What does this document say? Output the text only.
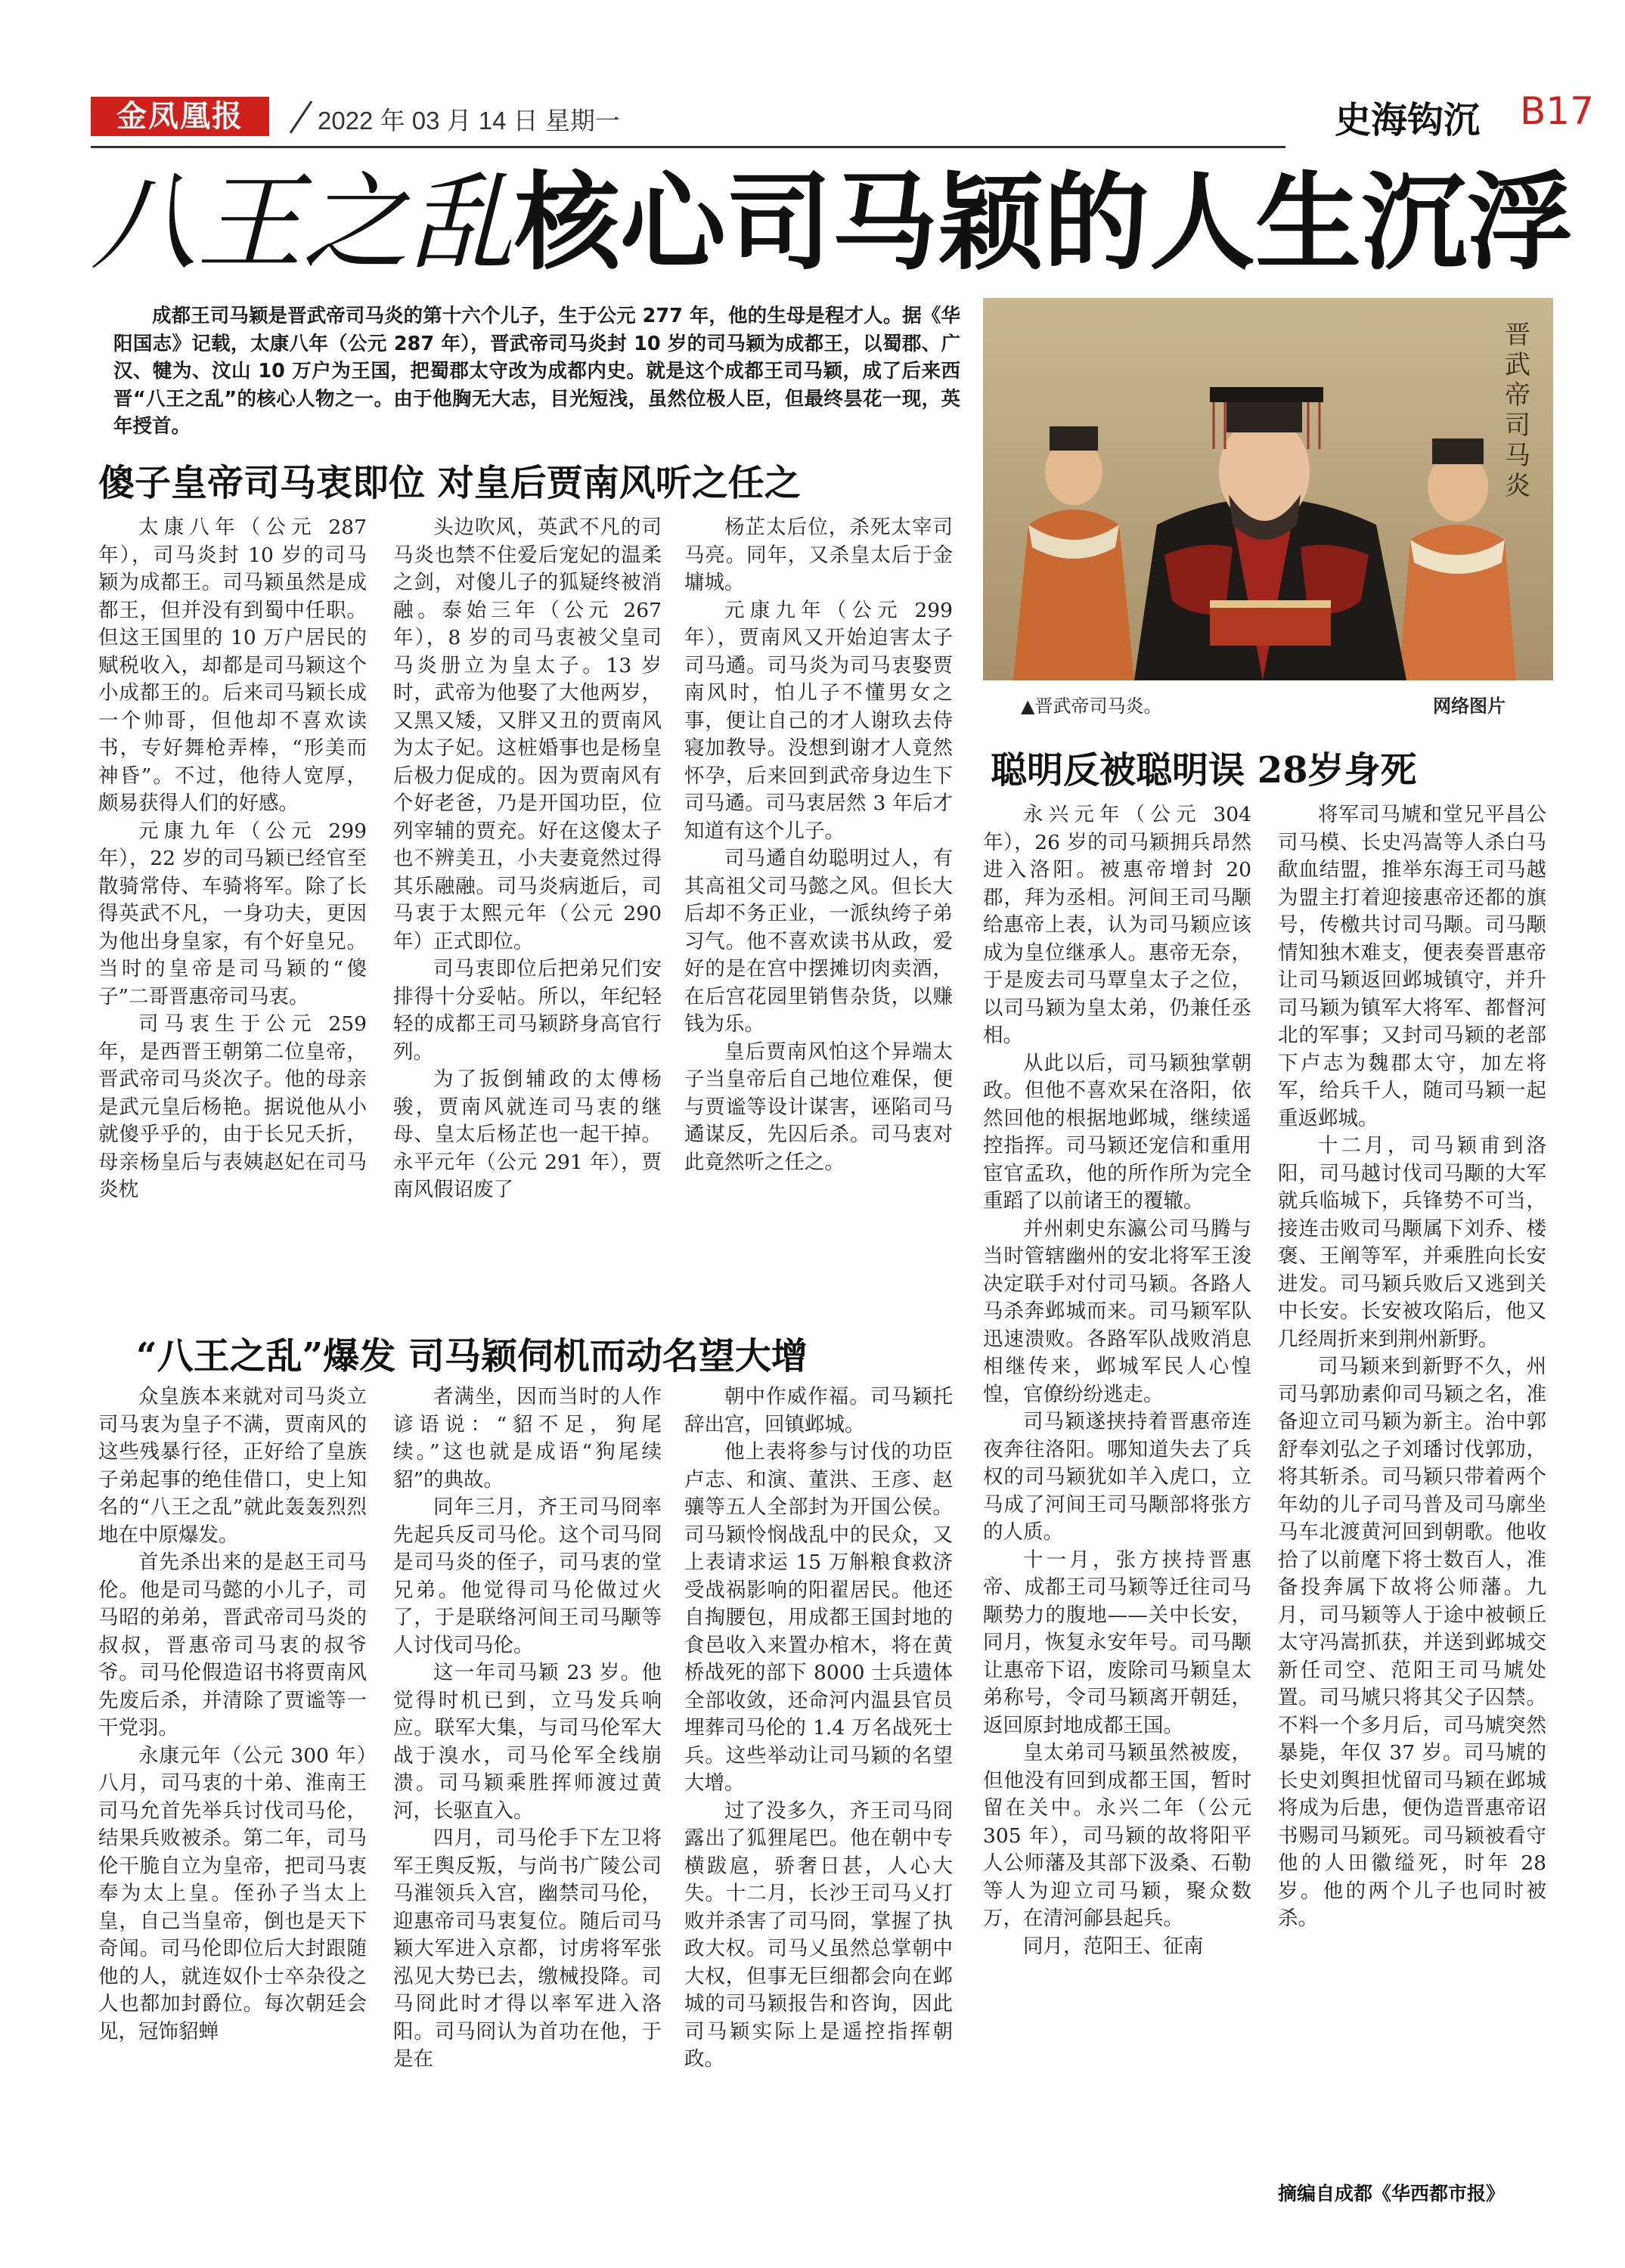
金凤凰报	2022 年 03 月 14 日 星期一	史海钩沉 B17
八王之乱核心司马颖的人生沉浮
成都王司马颖是晋武帝司马炎的第十六个儿子，生于公元 277 年，他的生母是程才人。据《华阳国志》记载，太康八年（公元 287 年），晋武帝司马炎封 10 岁的司马颖为成都王，以蜀郡、广汉、犍为、汶山 10 万户为王国，把蜀郡太守改为成都内史。就是这个成都王司马颖，成了后来西晋“八王之乱”的核心人物之一。由于他胸无大志，目光短浅，虽然位极人臣，但最终昙花一现，英年授首。
晋
武
帝
司
马
炎
▲晋武帝司马炎。	网络图片
傻子皇帝司马衷即位 对皇后贾南风听之任之
“八王之乱”爆发 司马颖伺机而动名望大增
聪明反被聪明误 28岁身死

太康八年（公元 287 年），司马炎封 10 岁的司马颖为成都王。司马颖虽然是成都王，但并没有到蜀中任职。但这王国里的 10 万户居民的赋税收入，却都是司马颖这个小成都王的。后来司马颖长成一个帅哥，但他却不喜欢读书，专好舞枪弄棒，“形美而神昏”。不过，他待人宽厚，颇易获得人们的好感。

元康九年（公元 299 年），22 岁的司马颖已经官至散骑常侍、车骑将军。除了长得英武不凡，一身功夫，更因为他出身皇家，有个好皇兄。当时的皇帝是司马颖的“傻子”二哥晋惠帝司马衷。

司马衷生于公元 259 年，是西晋王朝第二位皇帝，晋武帝司马炎次子。他的母亲是武元皇后杨艳。据说他从小就傻乎乎的，由于长兄夭折，母亲杨皇后与表姨赵妃在司马炎枕

头边吹风，英武不凡的司马炎也禁不住爱后宠妃的温柔之剑，对傻儿子的狐疑终被消融。泰始三年（公元 267 年），8 岁的司马衷被父皇司马炎册立为皇太子。13 岁时，武帝为他娶了大他两岁，又黑又矮，又胖又丑的贾南风为太子妃。这桩婚事也是杨皇后极力促成的。因为贾南风有个好老爸，乃是开国功臣，位列宰辅的贾充。好在这傻太子也不辨美丑，小夫妻竟然过得其乐融融。司马炎病逝后，司马衷于太熙元年（公元 290 年）正式即位。

司马衷即位后把弟兄们安排得十分妥帖。所以，年纪轻轻的成都王司马颖跻身高官行列。

为了扳倒辅政的太傅杨骏，贾南风就连司马衷的继母、皇太后杨芷也一起干掉。永平元年（公元 291 年），贾南风假诏废了

杨芷太后位，杀死太宰司马亮。同年，又杀皇太后于金墉城。

元康九年（公元 299 年），贾南风又开始迫害太子司马遹。司马炎为司马衷娶贾南风时，怕儿子不懂男女之事，便让自己的才人谢玖去侍寝加教导。没想到谢才人竟然怀孕，后来回到武帝身边生下司马遹。司马衷居然 3 年后才知道有这个儿子。

司马遹自幼聪明过人，有其高祖父司马懿之风。但长大后却不务正业，一派纨绔子弟习气。他不喜欢读书从政，爱好的是在宫中摆摊切肉卖酒，在后宫花园里销售杂货，以赚钱为乐。

皇后贾南风怕这个异端太子当皇帝后自己地位难保，便与贾谧等设计谋害，诬陷司马遹谋反，先囚后杀。司马衷对此竟然听之任之。

众皇族本来就对司马炎立司马衷为皇子不满，贾南风的这些残暴行径，正好给了皇族子弟起事的绝佳借口，史上知名的“八王之乱”就此轰轰烈烈地在中原爆发。

首先杀出来的是赵王司马伦。他是司马懿的小儿子，司马昭的弟弟，晋武帝司马炎的叔叔，晋惠帝司马衷的叔爷爷。司马伦假造诏书将贾南风先废后杀，并清除了贾谧等一干党羽。

永康元年（公元 300 年）八月，司马衷的十弟、淮南王司马允首先举兵讨伐司马伦，结果兵败被杀。第二年，司马伦干脆自立为皇帝，把司马衷奉为太上皇。侄孙子当太上皇，自己当皇帝，倒也是天下奇闻。司马伦即位后大封跟随他的人，就连奴仆士卒杂役之人也都加封爵位。每次朝廷会见，冠饰貂蝉

者满坐，因而当时的人作谚语说：“貂不足，狗尾续。”这也就是成语“狗尾续貂”的典故。

同年三月，齐王司马冏率先起兵反司马伦。这个司马冏是司马炎的侄子，司马衷的堂兄弟。他觉得司马伦做过火了，于是联络河间王司马颙等人讨伐司马伦。

这一年司马颖 23 岁。他觉得时机已到，立马发兵响应。联军大集，与司马伦军大战于溴水，司马伦军全线崩溃。司马颖乘胜挥师渡过黄河，长驱直入。

四月，司马伦手下左卫将军王舆反叛，与尚书广陵公司马漼领兵入宫，幽禁司马伦，迎惠帝司马衷复位。随后司马颖大军进入京都，讨虏将军张泓见大势已去，缴械投降。司马冏此时才得以率军进入洛阳。司马冏认为首功在他，于是在

朝中作威作福。司马颖托辞出宫，回镇邺城。

他上表将参与讨伐的功臣卢志、和演、董洪、王彦、赵骧等五人全部封为开国公侯。司马颖怜悯战乱中的民众，又上表请求运 15 万斛粮食救济受战祸影响的阳翟居民。他还自掏腰包，用成都王国封地的食邑收入来置办棺木，将在黄桥战死的部下 8000 士兵遗体全部收敛，还命河内温县官员埋葬司马伦的 1.4 万名战死士兵。这些举动让司马颖的名望大增。

过了没多久，齐王司马冏露出了狐狸尾巴。他在朝中专横跋扈，骄奢日甚，人心大失。十二月，长沙王司马乂打败并杀害了司马冏，掌握了执政大权。司马乂虽然总掌朝中大权，但事无巨细都会向在邺城的司马颖报告和咨询，因此司马颖实际上是遥控指挥朝政。

永兴元年（公元 304 年），26 岁的司马颖拥兵昂然进入洛阳。被惠帝增封 20 郡，拜为丞相。河间王司马颙给惠帝上表，认为司马颖应该成为皇位继承人。惠帝无奈，于是废去司马覃皇太子之位，以司马颖为皇太弟，仍兼任丞相。

从此以后，司马颖独掌朝政。但他不喜欢呆在洛阳，依然回他的根据地邺城，继续遥控指挥。司马颖还宠信和重用宦官孟玖，他的所作所为完全重蹈了以前诸王的覆辙。

并州刺史东瀛公司马腾与当时管辖幽州的安北将军王浚决定联手对付司马颖。各路人马杀奔邺城而来。司马颖军队迅速溃败。各路军队战败消息相继传来，邺城军民人心惶惶，官僚纷纷逃走。

司马颖遂挟持着晋惠帝连夜奔往洛阳。哪知道失去了兵权的司马颖犹如羊入虎口，立马成了河间王司马颙部将张方的人质。

十一月，张方挟持晋惠帝、成都王司马颖等迁往司马颙势力的腹地——关中长安，同月，恢复永安年号。司马颙让惠帝下诏，废除司马颖皇太弟称号，令司马颖离开朝廷，返回原封地成都王国。

皇太弟司马颖虽然被废，但他没有回到成都王国，暂时留在关中。永兴二年（公元 305 年），司马颖的故将阳平人公师藩及其部下汲桑、石勒等人为迎立司马颖，聚众数万，在清河鄃县起兵。

同月，范阳王、征南

将军司马虓和堂兄平昌公司马模、长史冯嵩等人杀白马歃血结盟，推举东海王司马越为盟主打着迎接惠帝还都的旗号，传檄共讨司马颙。司马颙情知独木难支，便表奏晋惠帝让司马颖返回邺城镇守，并升司马颖为镇军大将军、都督河北的军事；又封司马颖的老部下卢志为魏郡太守，加左将军，给兵千人，随司马颖一起重返邺城。

十二月，司马颖甫到洛阳，司马越讨伐司马颙的大军就兵临城下，兵锋势不可当，接连击败司马颙属下刘乔、楼褒、王阐等军，并乘胜向长安进发。司马颖兵败后又逃到关中长安。长安被攻陷后，他又几经周折来到荆州新野。

司马颖来到新野不久，州司马郭劢素仰司马颖之名，准备迎立司马颖为新主。治中郭舒奉刘弘之子刘璠讨伐郭劢，将其斩杀。司马颖只带着两个年幼的儿子司马普及司马廓坐马车北渡黄河回到朝歌。他收拾了以前麾下将士数百人，准备投奔属下故将公师藩。九月，司马颖等人于途中被顿丘太守冯嵩抓获，并送到邺城交新任司空、范阳王司马虓处置。司马虓只将其父子囚禁。不料一个多月后，司马虓突然暴毙，年仅 37 岁。司马虓的长史刘舆担忧留司马颖在邺城将成为后患，便伪造晋惠帝诏书赐司马颖死。司马颖被看守他的人田徽缢死，时年 28 岁。他的两个儿子也同时被杀。

摘编自成都《华西都市报》
